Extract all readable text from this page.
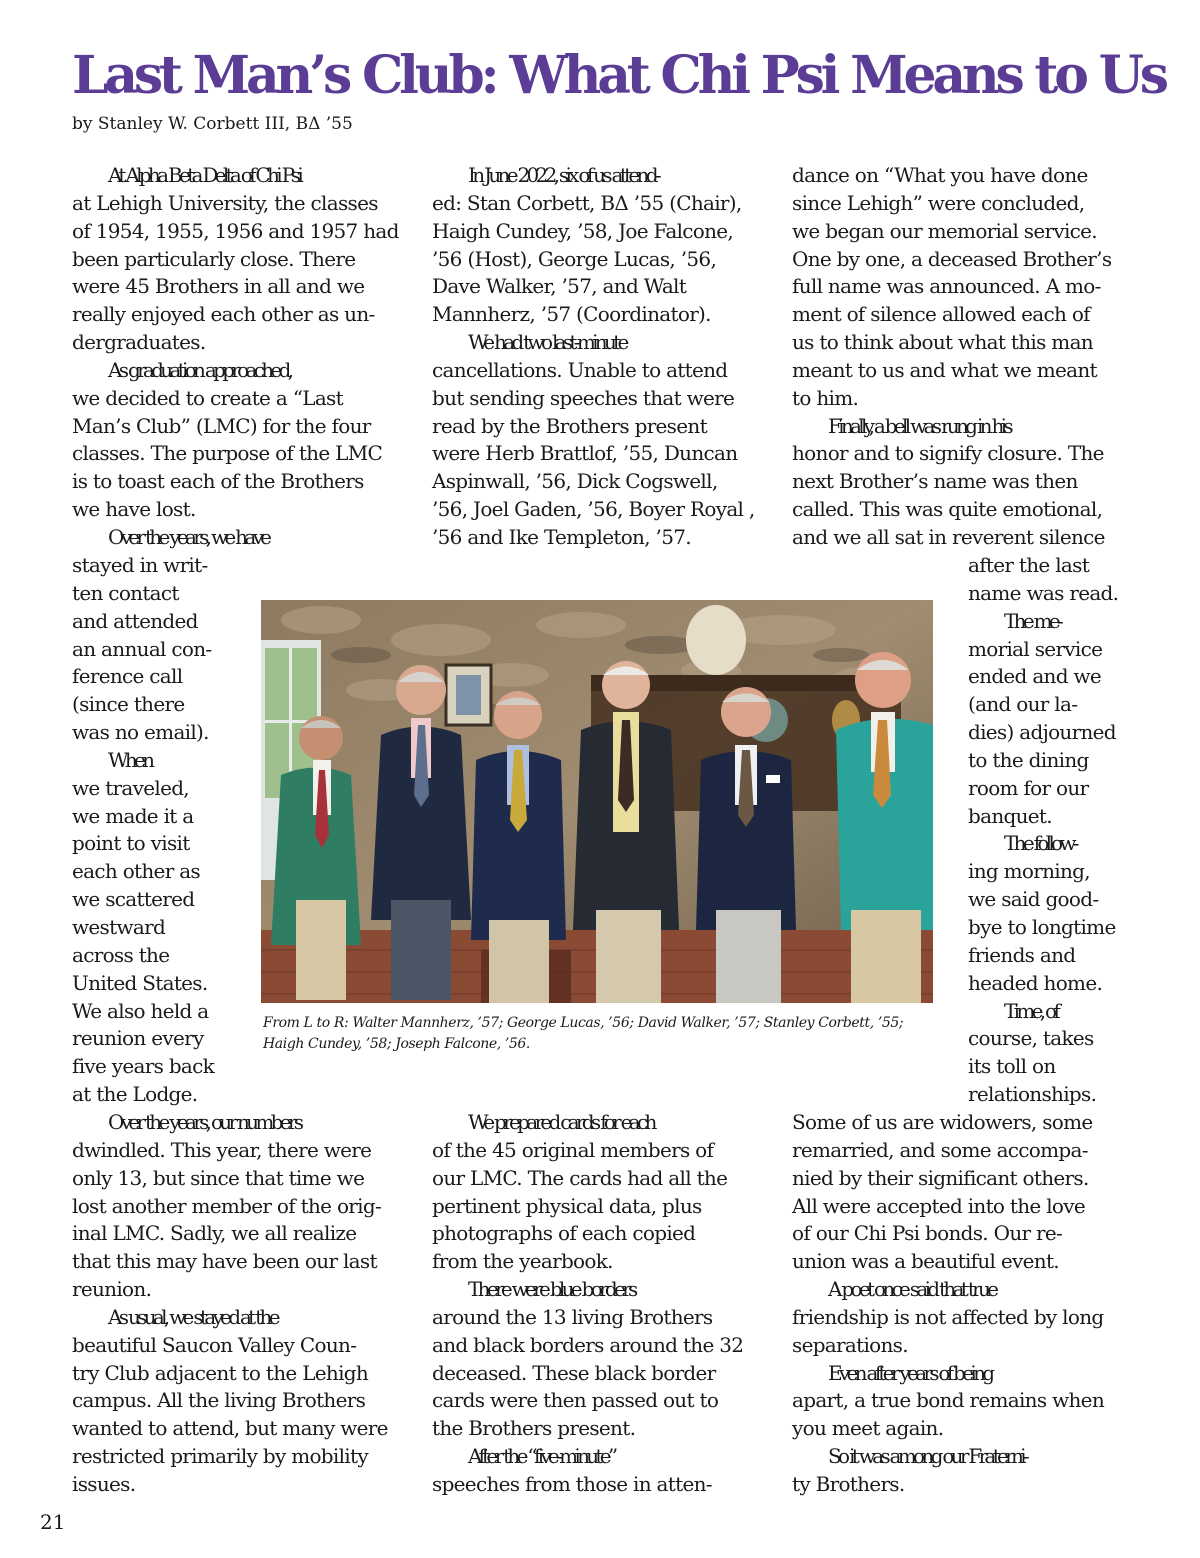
Last Man’s Club: What Chi Psi Means to Us
by Stanley W. Corbett III, BΔ ’55
At Alpha Beta Delta of Chi Psi
at Lehigh University, the classes
of 1954, 1955, 1956 and 1957 had
been particularly close. There
were 45 Brothers in all and we
really enjoyed each other as un-
dergraduates.
As graduation approached,
we decided to create a “Last
Man’s Club” (LMC) for the four
classes. The purpose of the LMC
is to toast each of the Brothers
we have lost.
Over the years, we have
stayed in writ-
ten contact
and attended
an annual con-
ference call
(since there
was no email).
When
we traveled,
we made it a
point to visit
each other as
we scattered
westward
across the
United States.
We also held a
reunion every
five years back
at the Lodge.
Over the years, our numbers
dwindled. This year, there were
only 13, but since that time we
lost another member of the orig-
inal LMC. Sadly, we all realize
that this may have been our last
reunion.
As usual, we stayed at the
beautiful Saucon Valley Coun-
try Club adjacent to the Lehigh
campus. All the living Brothers
wanted to attend, but many were
restricted primarily by mobility
issues.
In June 2022, six of us attend-
ed: Stan Corbett, BΔ ’55 (Chair),
Haigh Cundey, ’58, Joe Falcone,
’56 (Host), George Lucas, ’56,
Dave Walker, ’57, and Walt
Mannherz, ’57 (Coordinator).
We had two last-minute
cancellations. Unable to attend
but sending speeches that were
read by the Brothers present
were Herb Brattlof, ’55, Duncan
Aspinwall, ’56, Dick Cogswell,
’56, Joel Gaden, ’56, Boyer Royal ,
’56 and Ike Templeton, ’57.
We prepared cards for each
of the 45 original members of
our LMC. The cards had all the
pertinent physical data, plus
photographs of each copied
from the yearbook.
There were blue borders
around the 13 living Brothers
and black borders around the 32
deceased. These black border
cards were then passed out to
the Brothers present.
After the “five-minute”
speeches from those in atten-
dance on “What you have done
since Lehigh” were concluded,
we began our memorial service.
One by one, a deceased Brother’s
full name was announced. A mo-
ment of silence allowed each of
us to think about what this man
meant to us and what we meant
to him.
Finally, a bell was rung in his
honor and to signify closure. The
next Brother’s name was then
called. This was quite emotional,
and we all sat in reverent silence
after the last
name was read.
The me-
morial service
ended and we
(and our la-
dies) adjourned
to the dining
room for our
banquet.
The follow-
ing morning,
we said good-
bye to longtime
friends and
headed home.
Time, of
course, takes
its toll on
relationships.
Some of us are widowers, some
remarried, and some accompa-
nied by their significant others.
All were accepted into the love
of our Chi Psi bonds. Our re-
union was a beautiful event.
A poet once said that true
friendship is not affected by long
separations.
Even after years of being
apart, a true bond remains when
you meet again.
So it was among our Fraterni-
ty Brothers.
From L to R: Walter Mannherz, ’57; George Lucas, ’56; David Walker, ’57; Stanley Corbett, ’55;
Haigh Cundey, ’58; Joseph Falcone, ’56.
21
